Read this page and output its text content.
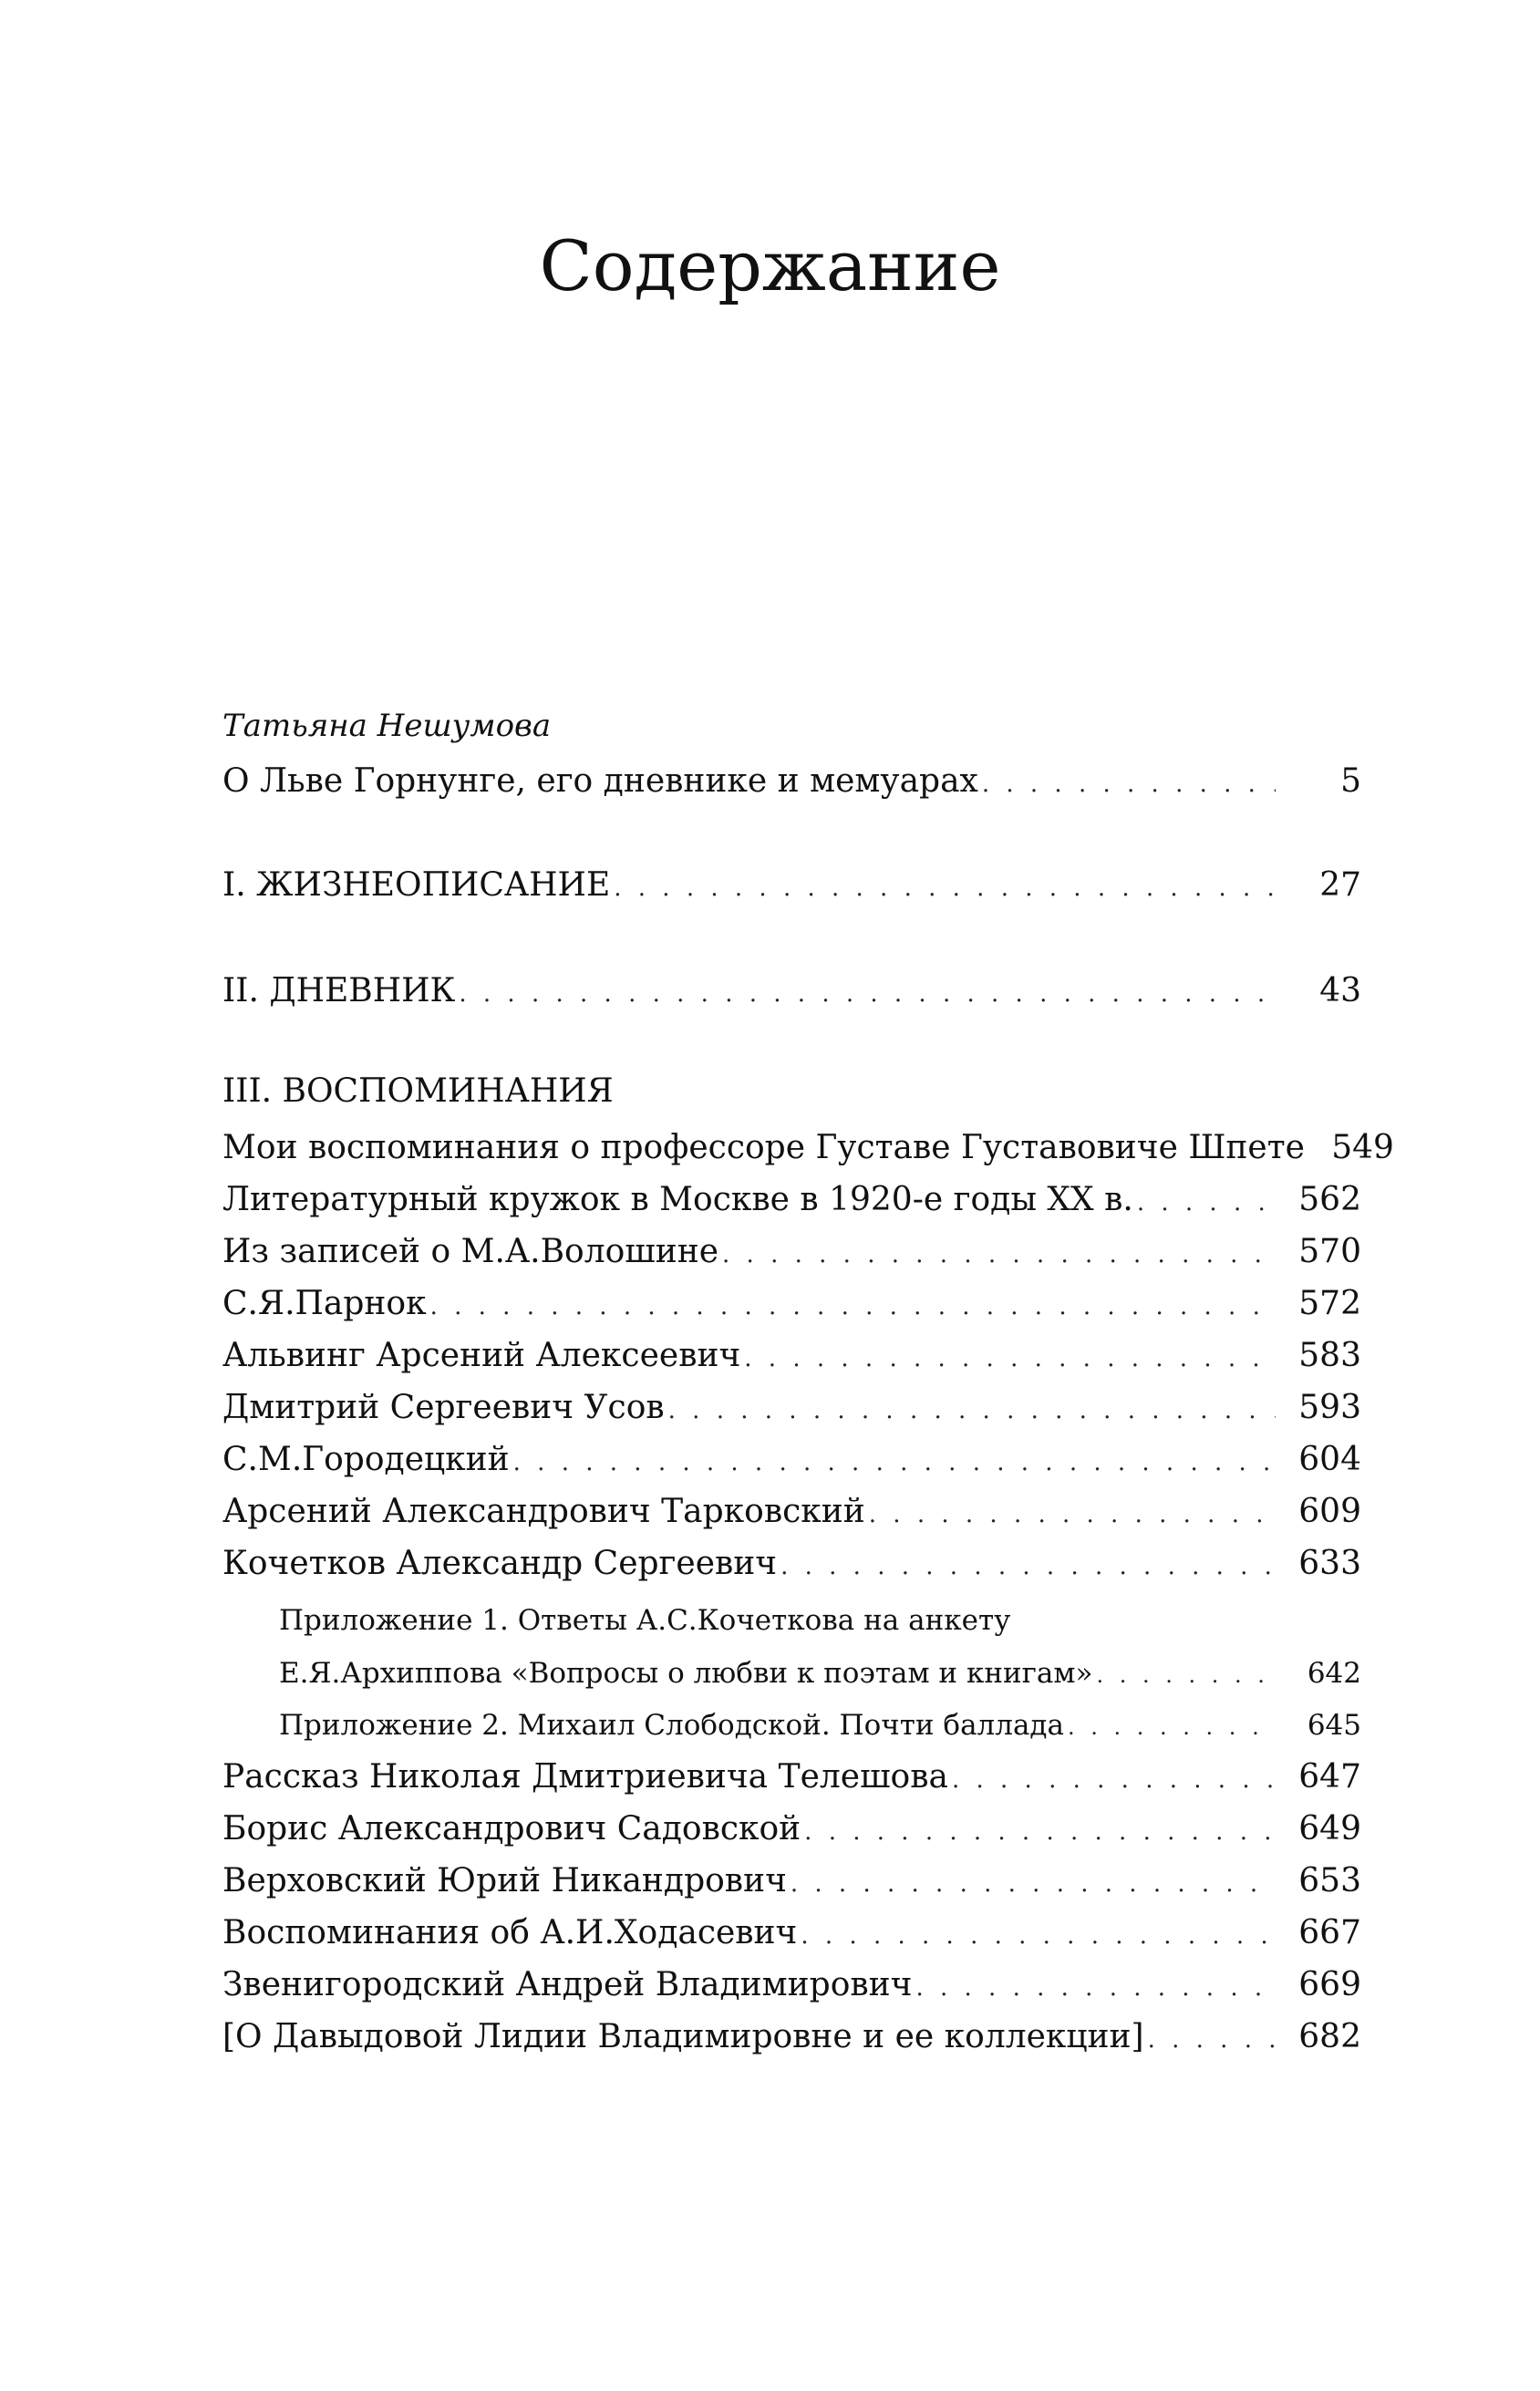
Содержание
Татьяна Нешумова
О Льве Горнунге, его дневнике и мемуарах . . .	5
I. ЖИЗНЕОПИСАНИЕ . . .	27
II. ДНЕВНИК . . .	43
III. ВОСПОМИНАНИЯ
Мои воспоминания о профессоре Густаве Густавовиче Шпете 549
Литературный кружок в Москве в 1920-е годы XX в. . . .	562
Из записей о М.А.Волошине . . .	570
С.Я.Парнок . . .	572
Альвинг Арсений Алексеевич . . .	583
Дмитрий Сергеевич Усов . . .	593
С.М.Городецкий . . .	604
Арсений Александрович Тарковский . . .	609
Кочетков Александр Сергеевич . . .	633
Приложение 1. Ответы А.С.Кочеткова на анкету
Е.Я.Архиппова «Вопросы о любви к поэтам и книгам» . . .	642
Приложение 2. Михаил Слободской. Почти баллада . . .	645
Рассказ Николая Дмитриевича Телешова . . .	647
Борис Александрович Садовской . . .	649
Верховский Юрий Никандрович . . .	653
Воспоминания об А.И.Ходасевич . . .	667
Звенигородский Андрей Владимирович . . .	669
[О Давыдовой Лидии Владимировне и ее коллекции] . . .	682
